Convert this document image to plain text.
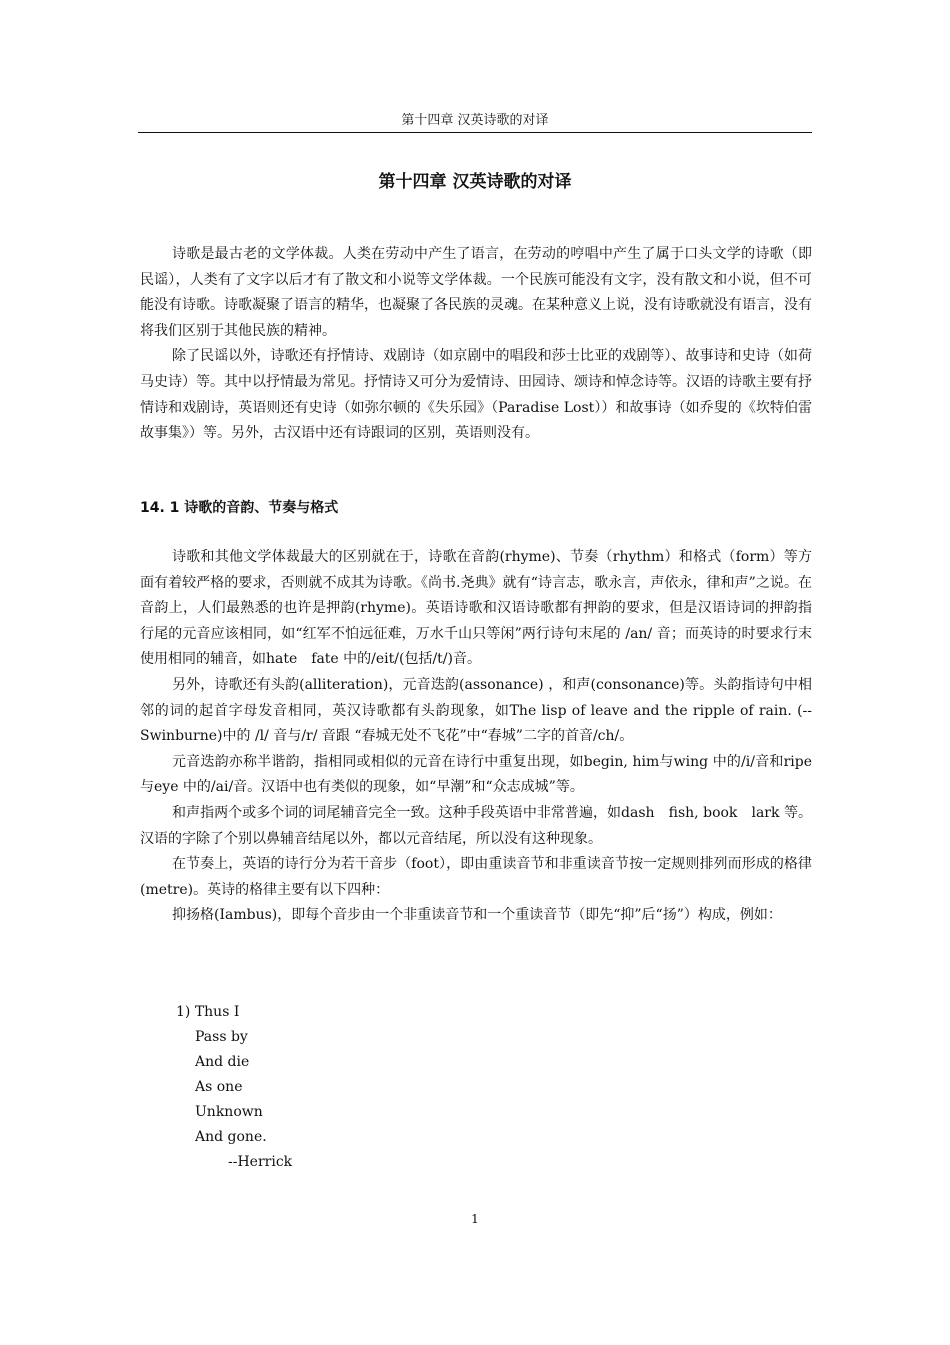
第十四章 汉英诗歌的对译
第十四章 汉英诗歌的对译

诗歌是最古老的文学体裁。人类在劳动中产生了语言，在劳动的哼唱中产生了属于口头文学的诗歌（即民谣），人类有了文字以后才有了散文和小说等文学体裁。一个民族可能没有文字，没有散文和小说，但不可能没有诗歌。诗歌凝聚了语言的精华，也凝聚了各民族的灵魂。在某种意义上说，没有诗歌就没有语言，没有将我们区别于其他民族的精神。

除了民谣以外，诗歌还有抒情诗、戏剧诗（如京剧中的唱段和莎士比亚的戏剧等）、故事诗和史诗（如荷马史诗）等。其中以抒情最为常见。抒情诗又可分为爱情诗、田园诗、颂诗和悼念诗等。汉语的诗歌主要有抒情诗和戏剧诗，英语则还有史诗（如弥尔顿的《失乐园》（Paradise Lost））和故事诗（如乔叟的《坎特伯雷故事集》）等。另外，古汉语中还有诗跟词的区别，英语则没有。

14. 1 诗歌的音韵、节奏与格式

诗歌和其他文学体裁最大的区别就在于，诗歌在音韵(rhyme)、节奏（rhythm）和格式（form）等方面有着较严格的要求，否则就不成其为诗歌。《尚书.尧典》就有“诗言志，歌永言，声依永，律和声”之说。在音韵上，人们最熟悉的也许是押韵(rhyme)。英语诗歌和汉语诗歌都有押韵的要求，但是汉语诗词的押韵指行尾的元音应该相同，如“红军不怕远征难，万水千山只等闲”两行诗句末尾的 /an/ 音；而英诗的时要求行末使用相同的辅音，如hate　fate 中的/eit/(包括/t/)音。

另外，诗歌还有头韵(alliteration)，元音迭韵(assonance) ，和声(consonance)等。头韵指诗句中相邻的词的起首字母发音相同，英汉诗歌都有头韵现象，如The lisp of leave and the ripple of rain. (--Swinburne)中的 /l/ 音与/r/ 音跟 “春城无处不飞花”中“春城”二字的首音/ch/。

元音迭韵亦称半谐韵，指相同或相似的元音在诗行中重复出现，如begin, him与wing 中的/i/音和ripe 与eye 中的/ai/音。汉语中也有类似的现象，如“早潮”和“众志成城”等。

和声指两个或多个词的词尾辅音完全一致。这种手段英语中非常普遍，如dash　fish, book　lark 等。汉语的字除了个别以鼻辅音结尾以外，都以元音结尾，所以没有这种现象。

在节奏上，英语的诗行分为若干音步（foot），即由重读音节和非重读音节按一定规则排列而形成的格律(metre)。英诗的格律主要有以下四种：

抑扬格(Iambus)，即每个音步由一个非重读音节和一个重读音节（即先“抑”后“扬”）构成，例如：

1) Thus I
Pass by
And die
As one
Unknown
And gone.
--Herrick
1
